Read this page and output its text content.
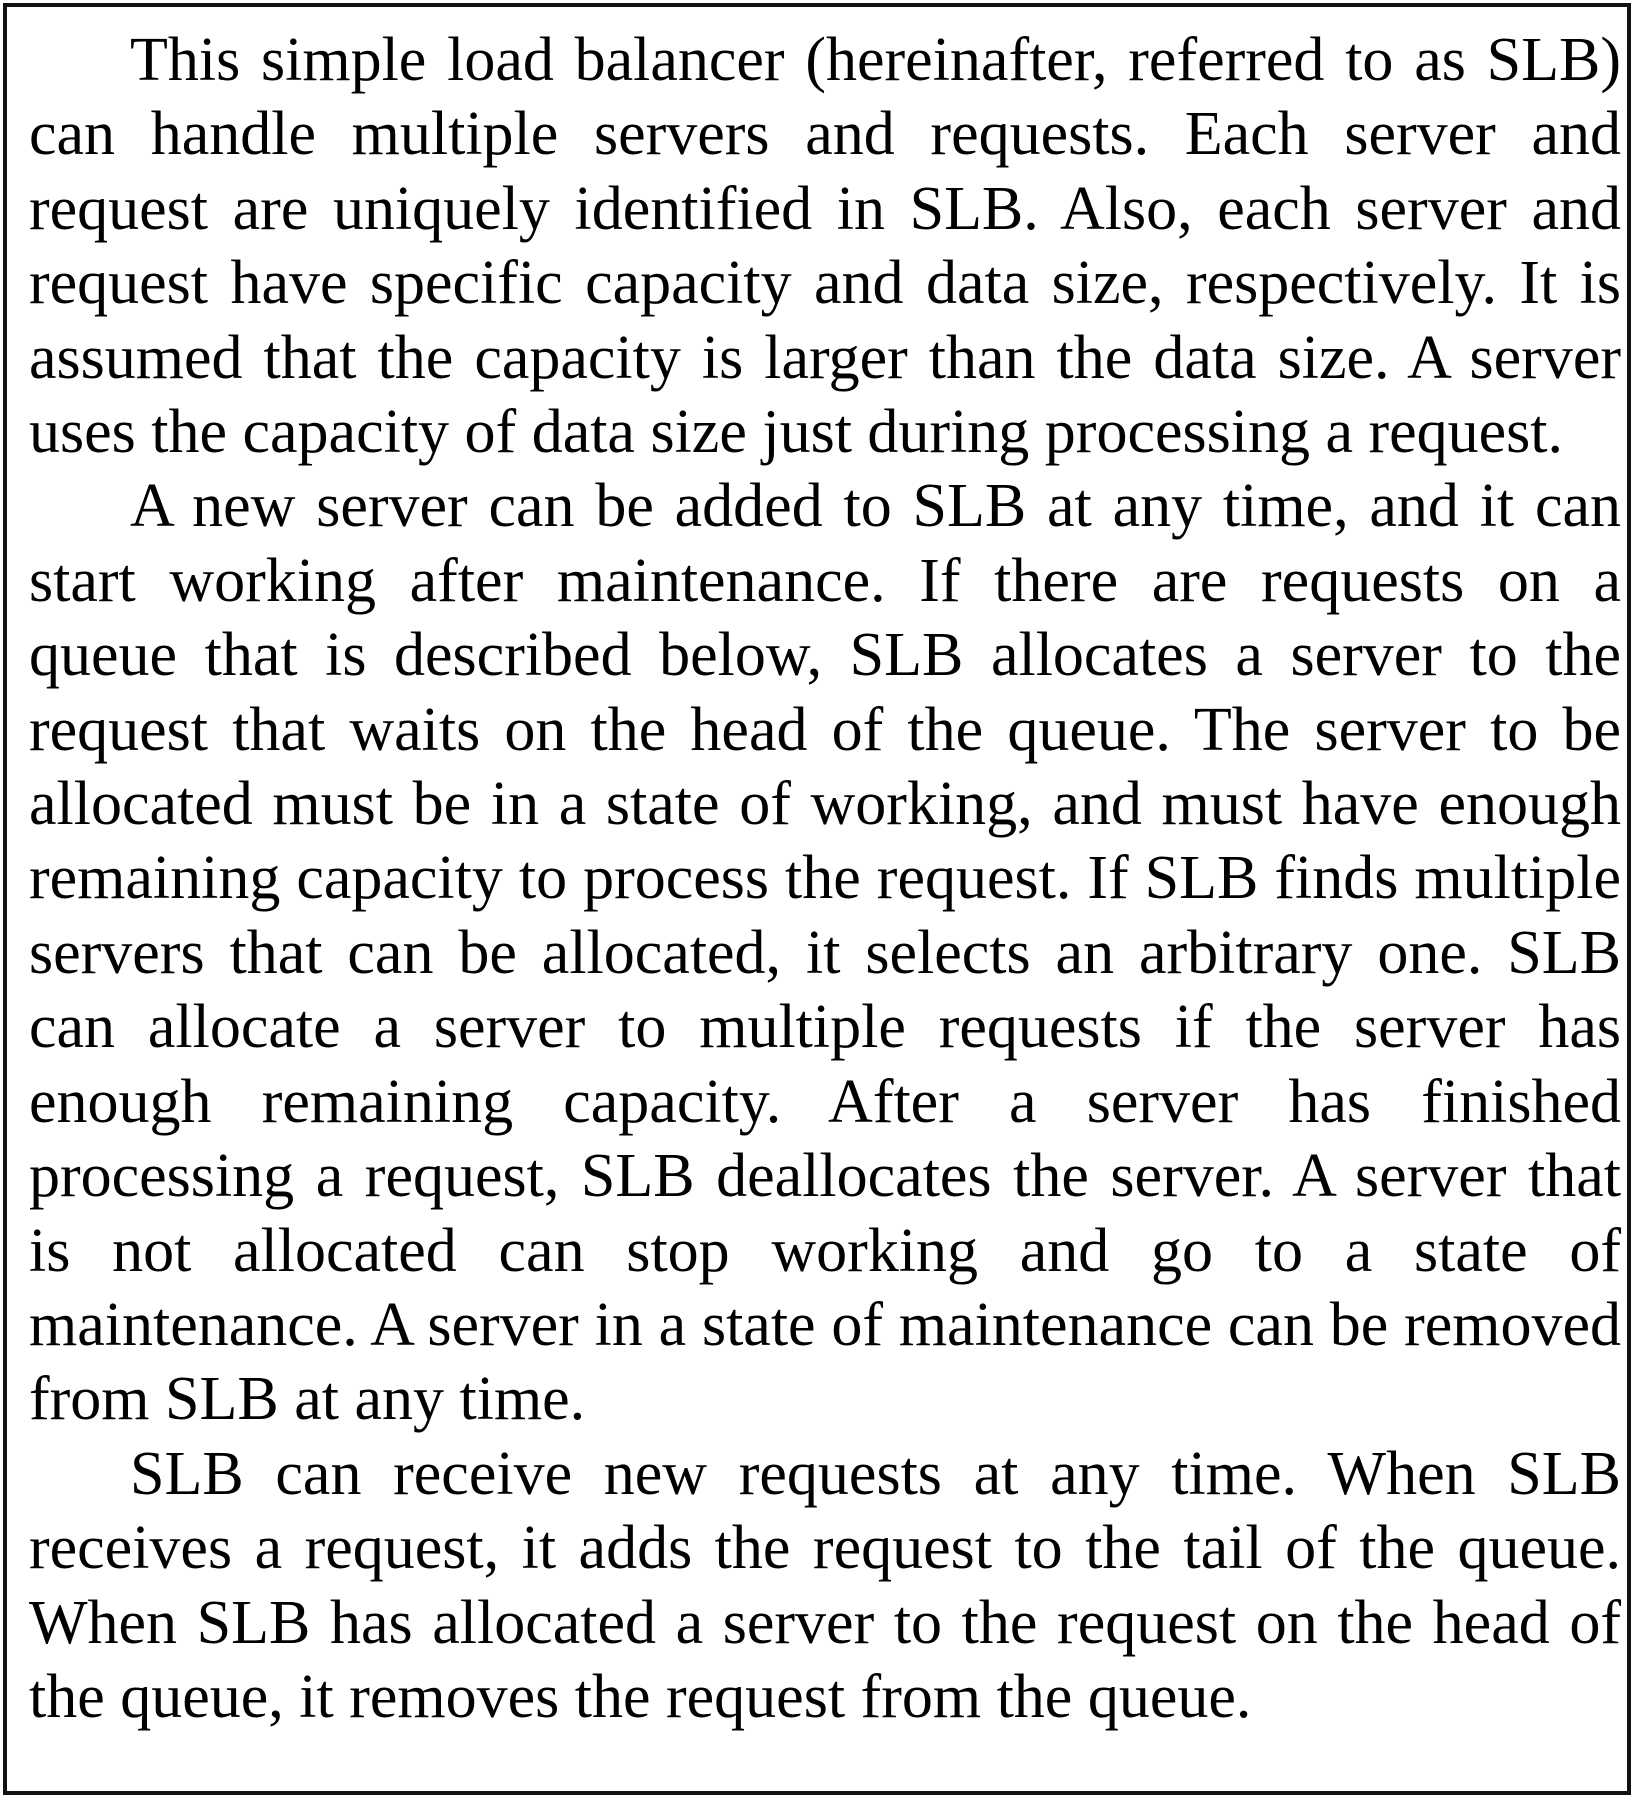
This simple load balancer (hereinafter, referred to as SLB) can handle multiple servers and requests. Each server and request are uniquely identified in SLB. Also, each server and request have specific capacity and data size, respectively. It is assumed that the capacity is larger than the data size. A server uses the capacity of data size just during processing a request.

A new server can be added to SLB at any time, and it can start working after maintenance. If there are requests on a queue that is described below, SLB allocates a server to the request that waits on the head of the queue. The server to be allocated must be in a state of working, and must have enough remaining capacity to process the request. If SLB finds multiple servers that can be allocated, it selects an arbitrary one. SLB can allocate a server to multiple requests if the server has enough remaining capacity. After a server has finished processing a request, SLB deallocates the server. A server that is not allocated can stop working and go to a state of maintenance. A server in a state of maintenance can be removed from SLB at any time.

SLB can receive new requests at any time. When SLB receives a request, it adds the request to the tail of the queue. When SLB has allocated a server to the request on the head of the queue, it removes the request from the queue.
